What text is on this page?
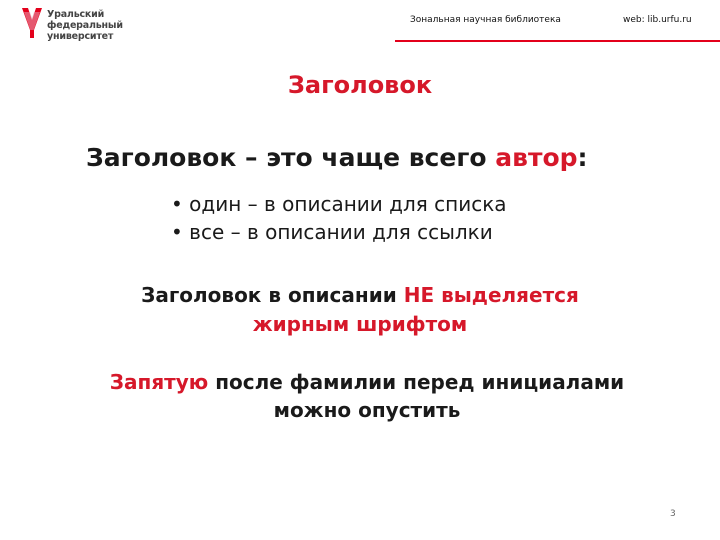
Уральский
федеральный
университет
Зональная научная библиотека	web: lib.urfu.ru
Заголовок
Заголовок – это чаще всего автор:
• один – в описании для списка
• все – в описании для ссылки
Заголовок в описании НЕ выделяется
жирным шрифтом
Запятую после фамилии перед инициалами
можно опустить
3
